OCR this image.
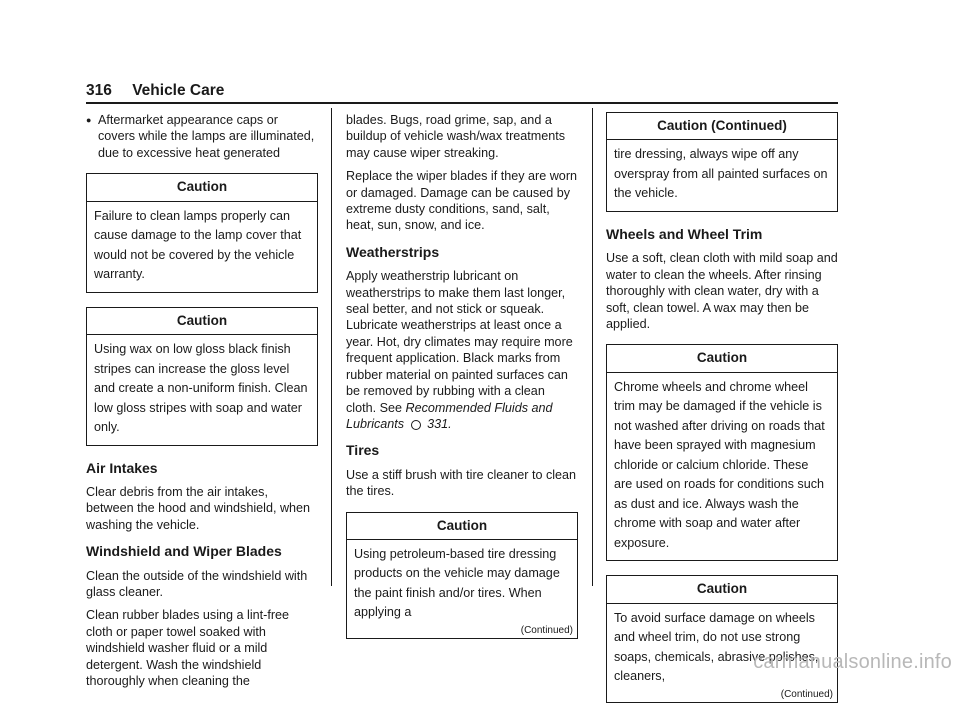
316 Vehicle Care
● Aftermarket appearance caps or covers while the lamps are illuminated, due to excessive heat generated
Caution
Failure to clean lamps properly can cause damage to the lamp cover that would not be covered by the vehicle warranty.
Caution
Using wax on low gloss black finish stripes can increase the gloss level and create a non-uniform finish. Clean low gloss stripes with soap and water only.
Air Intakes

Clear debris from the air intakes, between the hood and windshield, when washing the vehicle.

Windshield and Wiper Blades

Clean the outside of the windshield with glass cleaner.

Clean rubber blades using a lint-free cloth or paper towel soaked with windshield washer fluid or a mild detergent. Wash the windshield thoroughly when cleaning the

blades. Bugs, road grime, sap, and a buildup of vehicle wash/wax treatments may cause wiper streaking.

Replace the wiper blades if they are worn or damaged. Damage can be caused by extreme dusty conditions, sand, salt, heat, sun, snow, and ice.

Weatherstrips

Apply weatherstrip lubricant on weatherstrips to make them last longer, seal better, and not stick or squeak. Lubricate weatherstrips at least once a year. Hot, dry climates may require more frequent application. Black marks from rubber material on painted surfaces can be removed by rubbing with a clean cloth. See Recommended Fluids and Lubricants 331.

Tires

Use a stiff brush with tire cleaner to clean the tires.

Caution
Using petroleum-based tire dressing products on the vehicle may damage the paint finish and/or tires. When applying a
(Continued)
Caution (Continued)
tire dressing, always wipe off any overspray from all painted surfaces on the vehicle.
Wheels and Wheel Trim

Use a soft, clean cloth with mild soap and water to clean the wheels. After rinsing thoroughly with clean water, dry with a soft, clean towel. A wax may then be applied.

Caution
Chrome wheels and chrome wheel trim may be damaged if the vehicle is not washed after driving on roads that have been sprayed with magnesium chloride or calcium chloride. These are used on roads for conditions such as dust and ice. Always wash the chrome with soap and water after exposure.
Caution
To avoid surface damage on wheels and wheel trim, do not use strong soaps, chemicals, abrasive polishes, cleaners,
(Continued)
carmanualsonline.info
